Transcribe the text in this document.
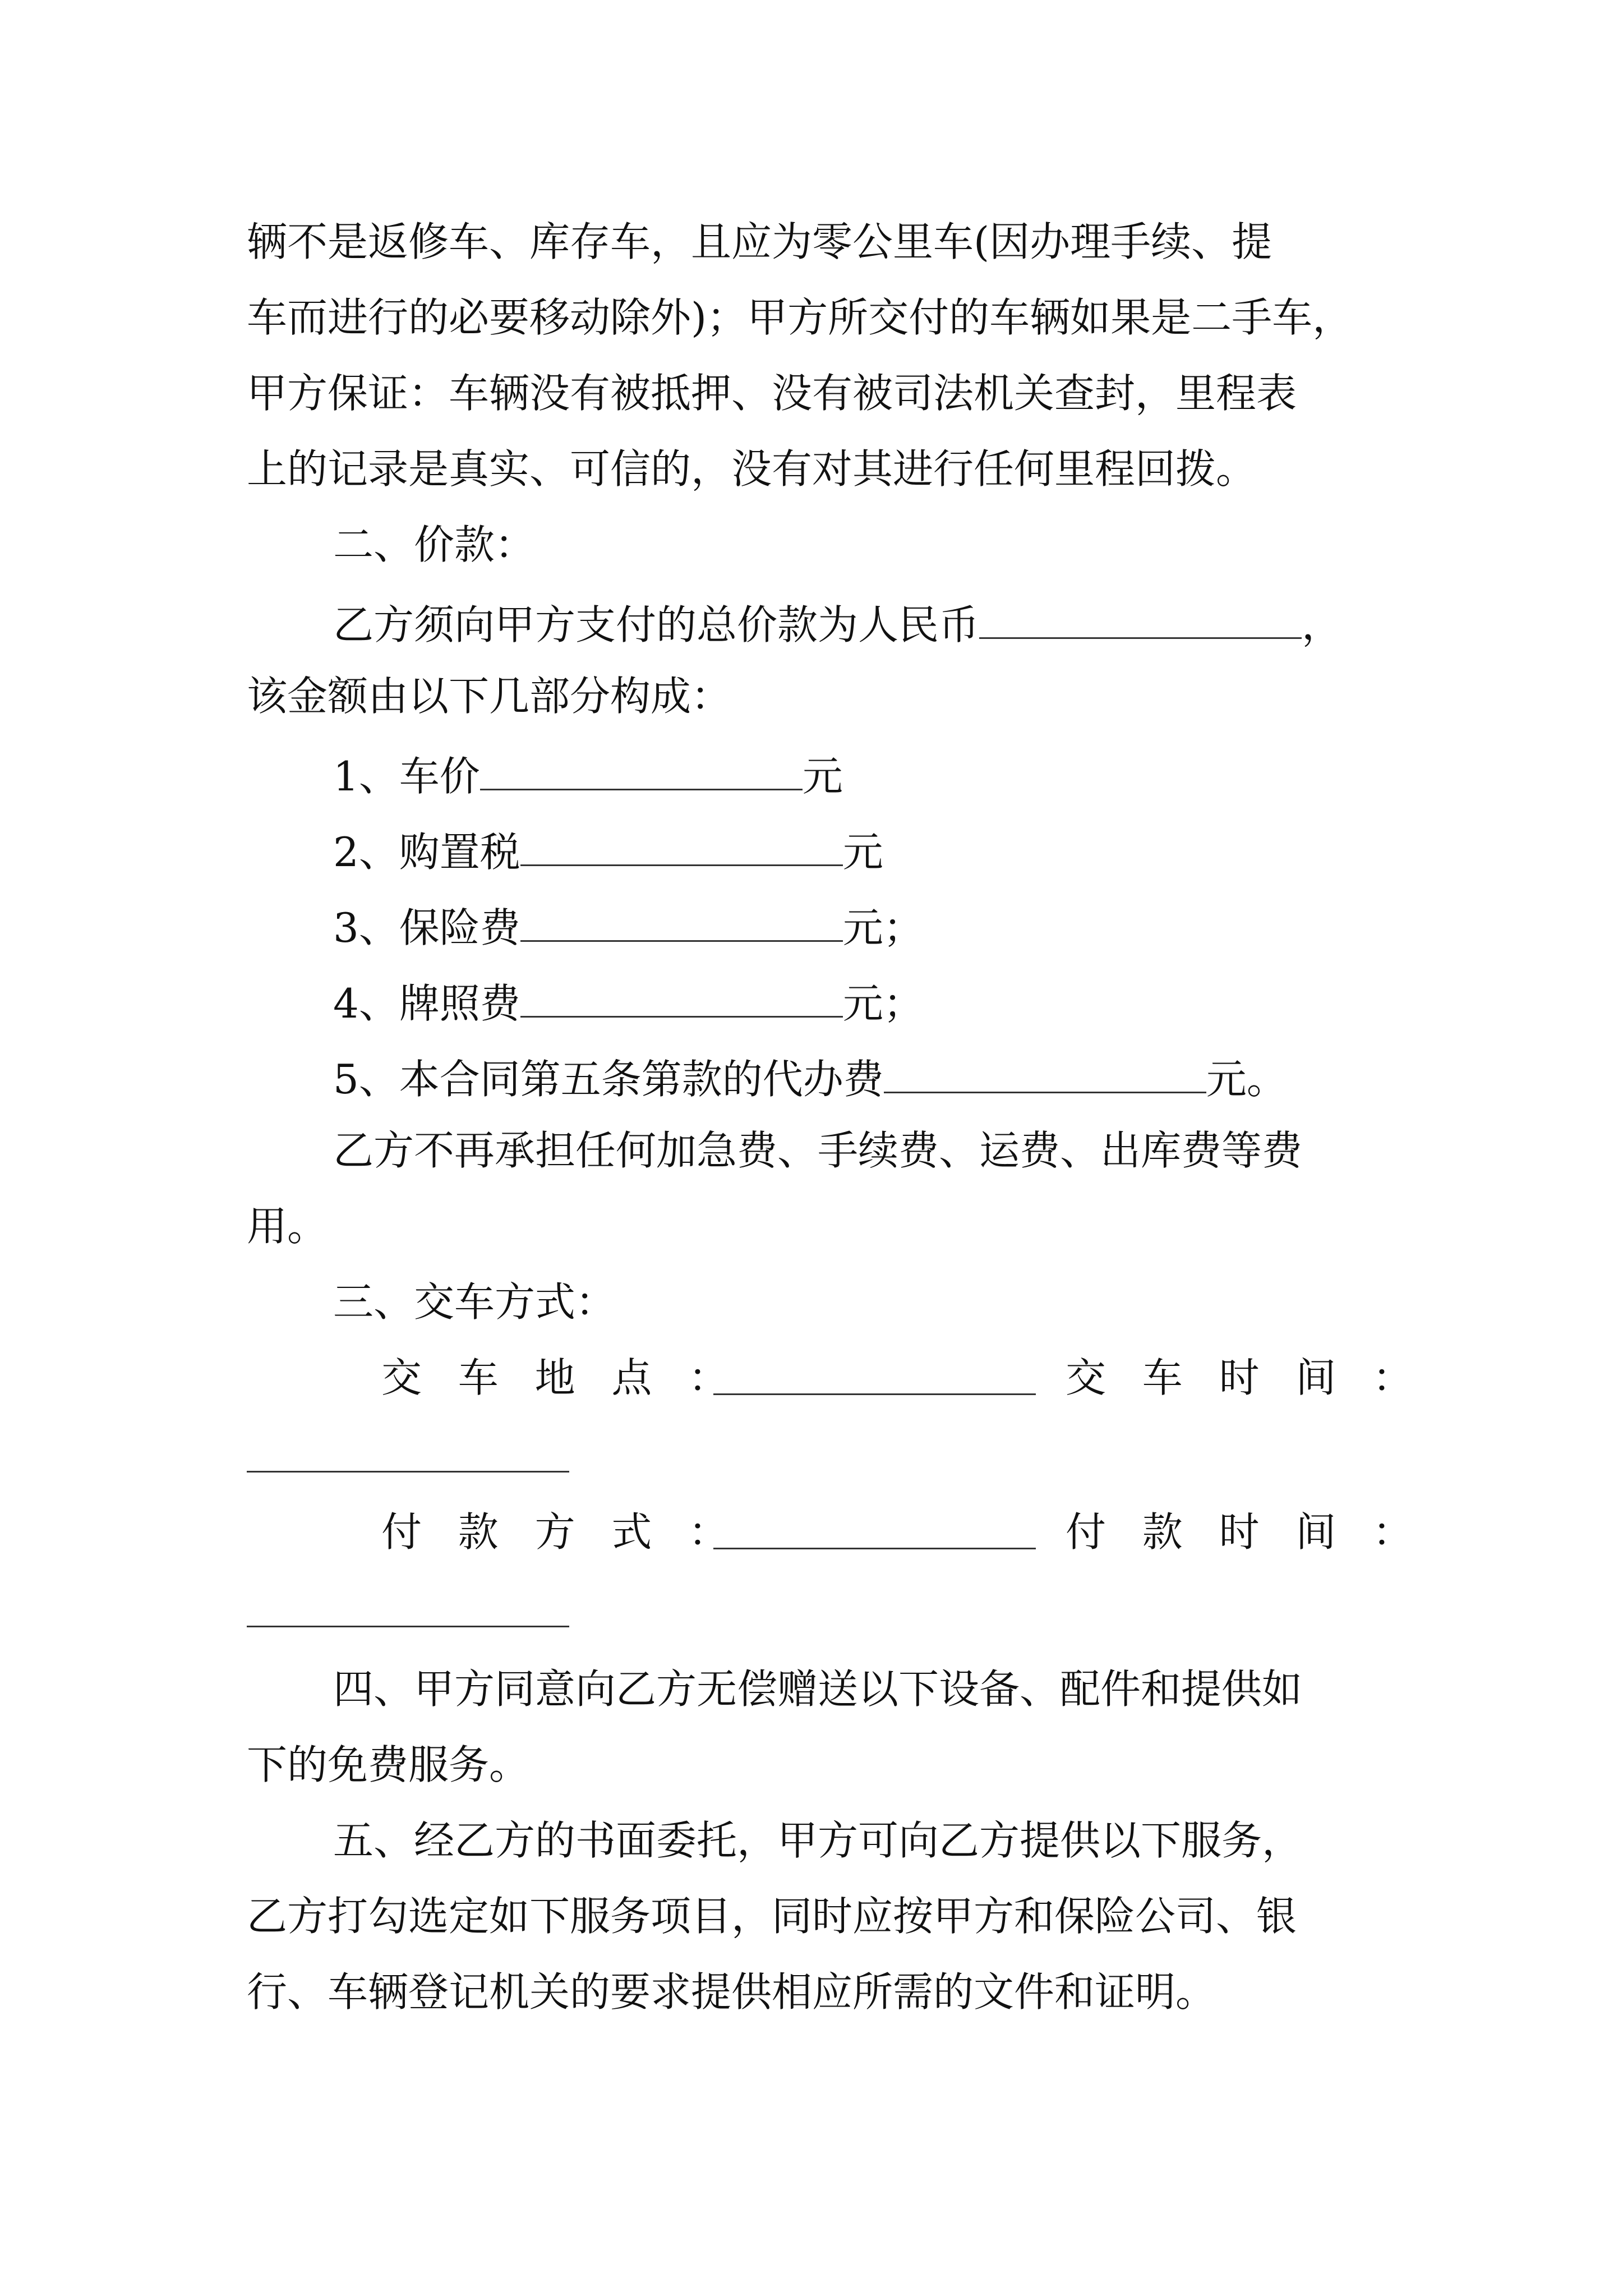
辆不是返修车、库存车，且应为零公里车(因办理手续、提
车而进行的必要移动除外)；甲方所交付的车辆如果是二手车，
甲方保证：车辆没有被抵押、没有被司法机关查封，里程表
上的记录是真实、可信的，没有对其进行任何里程回拨。
二、价款：
乙方须向甲方支付的总价款为人民币	，
该金额由以下几部分构成：
1、车价	元
2、购置税	元
3、保险费	元；
4、牌照费	元；
5、本合同第五条第款的代办费	元。
乙方不再承担任何加急费、手续费、运费、出库费等费
用。
三、交车方式：
交车地点：	交车时间：
付款方式：	付款时间：
四、甲方同意向乙方无偿赠送以下设备、配件和提供如
下的免费服务。
五、经乙方的书面委托，甲方可向乙方提供以下服务，
乙方打勾选定如下服务项目，同时应按甲方和保险公司、银
行、车辆登记机关的要求提供相应所需的文件和证明。
